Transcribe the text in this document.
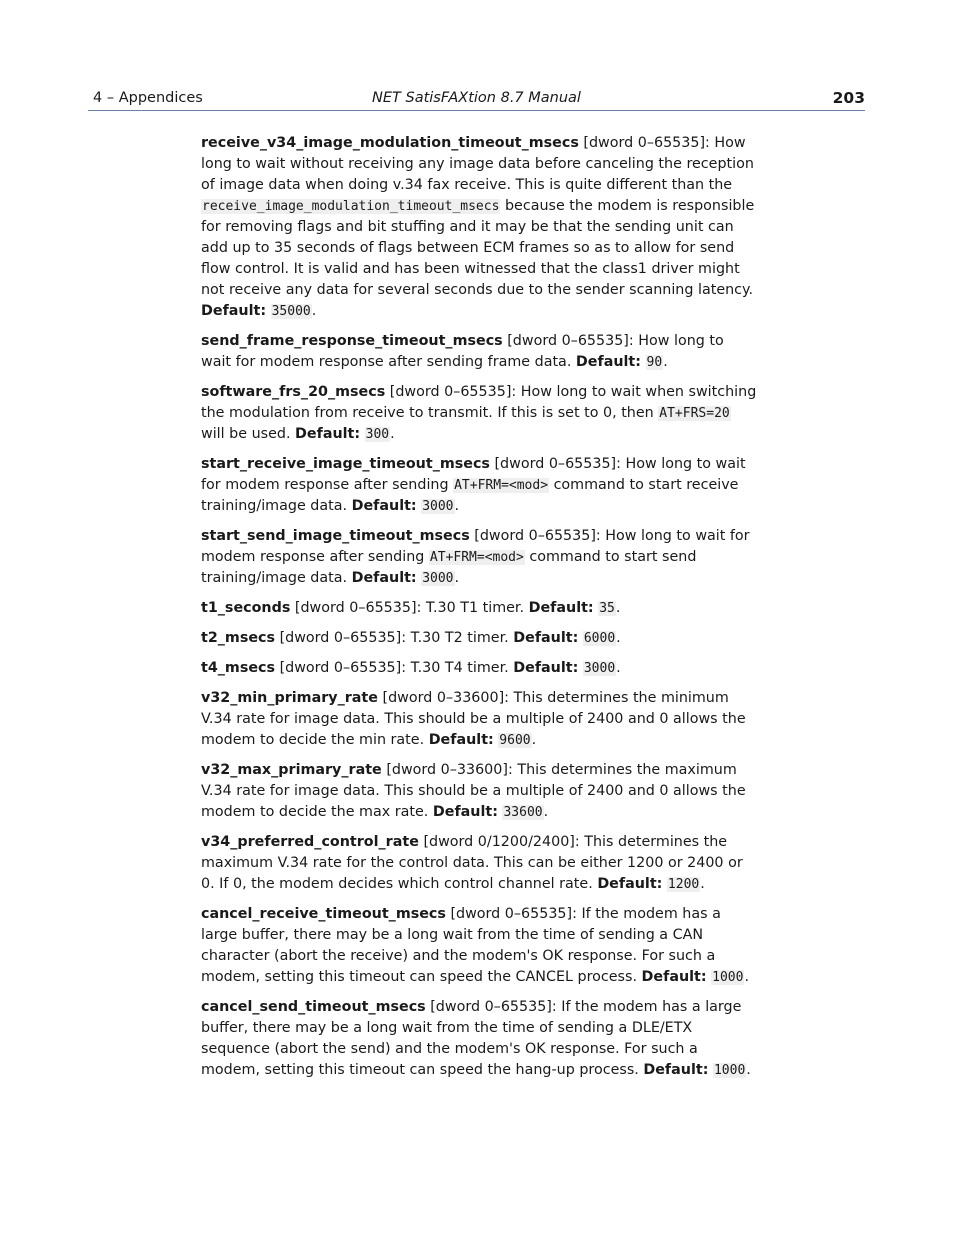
4 – Appendices	NET SatisFAXtion 8.7 Manual	203

receive_v34_image_modulation_timeout_msecs [dword 0–65535]: How long to wait without receiving any image data before canceling the reception of image data when doing v.34 fax receive. This is quite different than the receive_image_modulation_timeout_msecs because the modem is responsible for removing flags and bit stuffing and it may be that the sending unit can add up to 35 seconds of flags between ECM frames so as to allow for send flow control. It is valid and has been witnessed that the class1 driver might not receive any data for several seconds due to the sender scanning latency. Default: 35000.

send_frame_response_timeout_msecs [dword 0–65535]: How long to wait for modem response after sending frame data. Default: 90.

software_frs_20_msecs [dword 0–65535]: How long to wait when switching the modulation from receive to transmit. If this is set to 0, then AT+FRS=20 will be used. Default: 300.

start_receive_image_timeout_msecs [dword 0–65535]: How long to wait for modem response after sending AT+FRM=<mod> command to start receive training/image data. Default: 3000.

start_send_image_timeout_msecs [dword 0–65535]: How long to wait for modem response after sending AT+FRM=<mod> command to start send training/image data. Default: 3000.

t1_seconds [dword 0–65535]: T.30 T1 timer. Default: 35.

t2_msecs [dword 0–65535]: T.30 T2 timer. Default: 6000.

t4_msecs [dword 0–65535]: T.30 T4 timer. Default: 3000.

v32_min_primary_rate [dword 0–33600]: This determines the minimum V.34 rate for image data. This should be a multiple of 2400 and 0 allows the modem to decide the min rate. Default: 9600.

v32_max_primary_rate [dword 0–33600]: This determines the maximum V.34 rate for image data. This should be a multiple of 2400 and 0 allows the modem to decide the max rate. Default: 33600.

v34_preferred_control_rate [dword 0/1200/2400]: This determines the maximum V.34 rate for the control data. This can be either 1200 or 2400 or 0. If 0, the modem decides which control channel rate. Default: 1200.

cancel_receive_timeout_msecs [dword 0–65535]: If the modem has a large buffer, there may be a long wait from the time of sending a CAN character (abort the receive) and the modem's OK response. For such a modem, setting this timeout can speed the CANCEL process. Default: 1000.

cancel_send_timeout_msecs [dword 0–65535]: If the modem has a large buffer, there may be a long wait from the time of sending a DLE/ETX sequence (abort the send) and the modem's OK response. For such a modem, setting this timeout can speed the hang-up process. Default: 1000.
